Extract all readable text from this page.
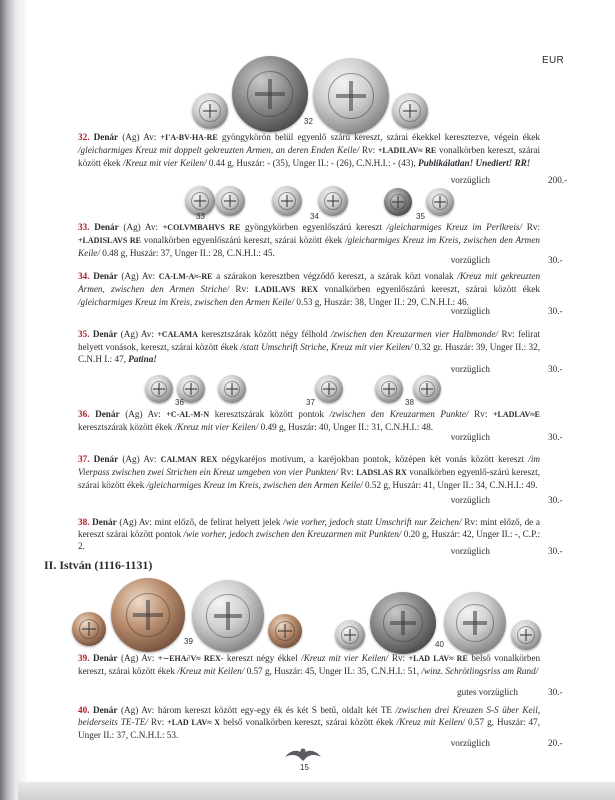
EUR
32
32. Denár (Ag) Av: +I'A-BV-HA-RE gyöngykörön belül egyenlő szárú kereszt, szárai ékekkel keresztezve, végein ékek /gleicharmiges Kreuz mit doppelt gekreuzten Armen, an deren Enden Keile/ Rv: +LADILAV≈ RE vonalkörben kereszt, szárai között ékek /Kreuz mit vier Keilen/ 0.44 g, Huszár: - (35), Unger II.: - (26), C.N.H.I.: - (43), Publikálatlan! Unediert! RR!
vorzüglich	200.-
33	34	35
33. Denár (Ag) Av: +COLVMBAHVS RE gyöngykörben egyenlőszárú kereszt /gleicharmiges Kreuz im Perlkreis/ Rv: +LADISLAVS RE vonalkörben egyenlőszárú kereszt, szárai között ékek /gleicharmiges Kreuz im Kreis, zwischen den Armen Keile/ 0.48 g, Huszár: 37, Unger II.: 28, C.N.H.I.: 45.
vorzüglich	30.-
34. Denár (Ag) Av: CA-LM-A≈-RE a szárakon keresztben végződő kereszt, a szárak közt vonalak /Kreuz mit gekreuzten Armen, zwischen den Armen Striche/ Rv: LADILAVS REX vonalkörben egyenlőszárú kereszt, szárai között ékek /gleicharmiges Kreuz im Kreis, zwischen den Armen Keile/ 0.53 g, Huszár: 38, Unger II.: 29, C.N.H.I.: 46.
vorzüglich	30.-
35. Denár (Ag) Av: +CALAMA keresztszárak között négy félhold /zwischen den Kreuzarmen vier Halbmonde/ Rv: felirat helyett vonások, kereszt, szárai között ékek /statt Umschrift Striche, Kreuz mit vier Keilen/ 0.32 gr. Huszár: 39, Unger II.: 32, C.N.H I.: 47, Patina!
vorzüglich	30.-
36	37	38
36. Denár (Ag) Av: +C-AL-M-N keresztszárak között pontok /zwischen den Kreuzarmen Punkte/ Rv: +LADLAV≈E keresztszárak között ékek /Kreuz mit vier Keilen/ 0.49 g, Huszár: 40, Unger II.: 31, C.N.H.I.: 48.
vorzüglich	30.-
37. Denár (Ag) Av: CALMAN REX négykaréjos motívum, a karéjokban pontok, középen két vonás között kereszt /im Vierpass zwischen zwei Strichen ein Kreuz umgeben von vier Punkten/ Rv: LADSLAS RX vonalkörben egyenlő-szárú kereszt, szárai között ékek /gleicharmiges Kreuz im Kreis, zwischen den Armen Keile/ 0.52 g, Huszár: 41, Unger II.: 34, C.N.H.I.: 49.
vorzüglich	30.-
38. Denár (Ag) Av: mint előző, de felirat helyett jelek /wie vorher, jedoch statt Umschrift nur Zeichen/ Rv: mint előző, de a kereszt szárai között pontok /wie vorher, jedoch zwischen den Kreuzarmen mit Punkten/ 0.20 g, Huszár: 42, Unger II.: -, C.P.: 2.	vorzüglich	30.-
II. István (1116-1131)
39	40
39. Denár (Ag) Av: +∼EHA∂V≈ REX- kereszt négy ékkel /Kreuz mit vier Keilen/ Rv: +LAD LAV≈ RE belső vonalkörben kereszt, szárai között ékek /Kreuz mit Keilen/ 0.57 g, Huszár: 45, Unger II.: 35, C.N.H.I.: 51, /winz. Schrötlingsriss am Rand/
gutes vorzüglich	30.-
40. Denár (Ag) Av: három kereszt között egy-egy ék és két S betű, oldalt két TE /zwischen drei Kreuzen S-S über Keil, beiderseits TE-TE/ Rv: +LAD LAV≈ X belső vonalkörben kereszt, szárai között ékek /Kreuz mit Keilen/ 0.57 g, Huszár: 47, Unger II.: 37, C.N.H.I.: 53.
vorzüglich	20.-
15
